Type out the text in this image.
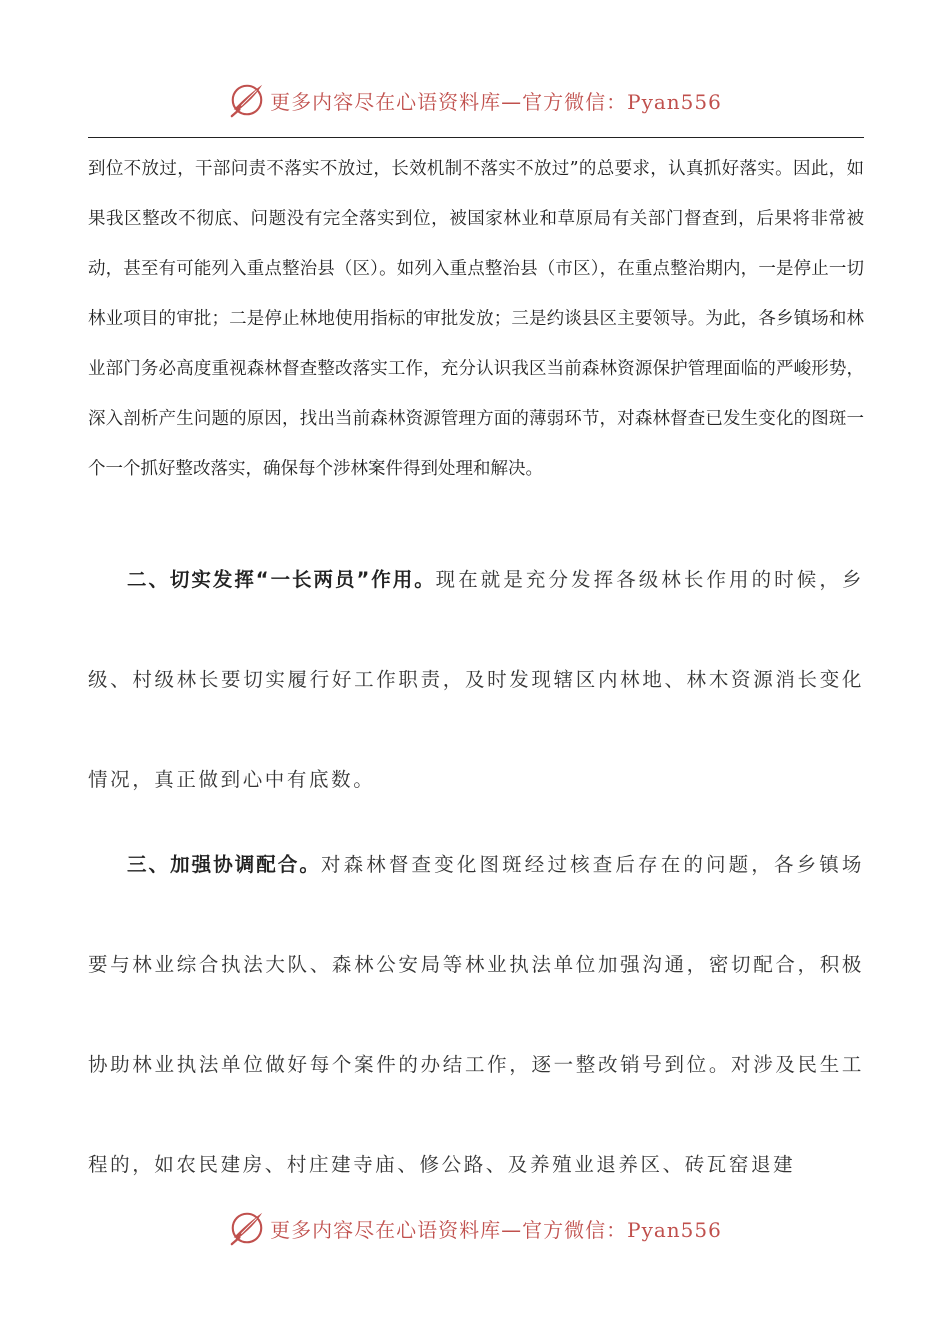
更多内容尽在心语资料库—官方微信：Pyan556

到位不放过，干部问责不落实不放过，长效机制不落实不放过”的总要求，认真抓好落实。因此，如果我区整改不彻底、问题没有完全落实到位，被国家林业和草原局有关部门督查到，后果将非常被动，甚至有可能列入重点整治县（区）。如列入重点整治县（市区），在重点整治期内，一是停止一切林业项目的审批；二是停止林地使用指标的审批发放；三是约谈县区主要领导。为此，各乡镇场和林业部门务必高度重视森林督查整改落实工作，充分认识我区当前森林资源保护管理面临的严峻形势，深入剖析产生问题的原因，找出当前森林资源管理方面的薄弱环节，对森林督查已发生变化的图斑一个一个抓好整改落实，确保每个涉林案件得到处理和解决。

二、切实发挥“一长两员”作用。现在就是充分发挥各级林长作用的时候，乡级、村级林长要切实履行好工作职责，及时发现辖区内林地、林木资源消长变化情况，真正做到心中有底数。

三、加强协调配合。对森林督查变化图斑经过核查后存在的问题，各乡镇场要与林业综合执法大队、森林公安局等林业执法单位加强沟通，密切配合，积极协助林业执法单位做好每个案件的办结工作，逐一整改销号到位。对涉及民生工程的，如农民建房、村庄建寺庙、修公路、及养殖业退养区、砖瓦窑退建

更多内容尽在心语资料库—官方微信：Pyan556
